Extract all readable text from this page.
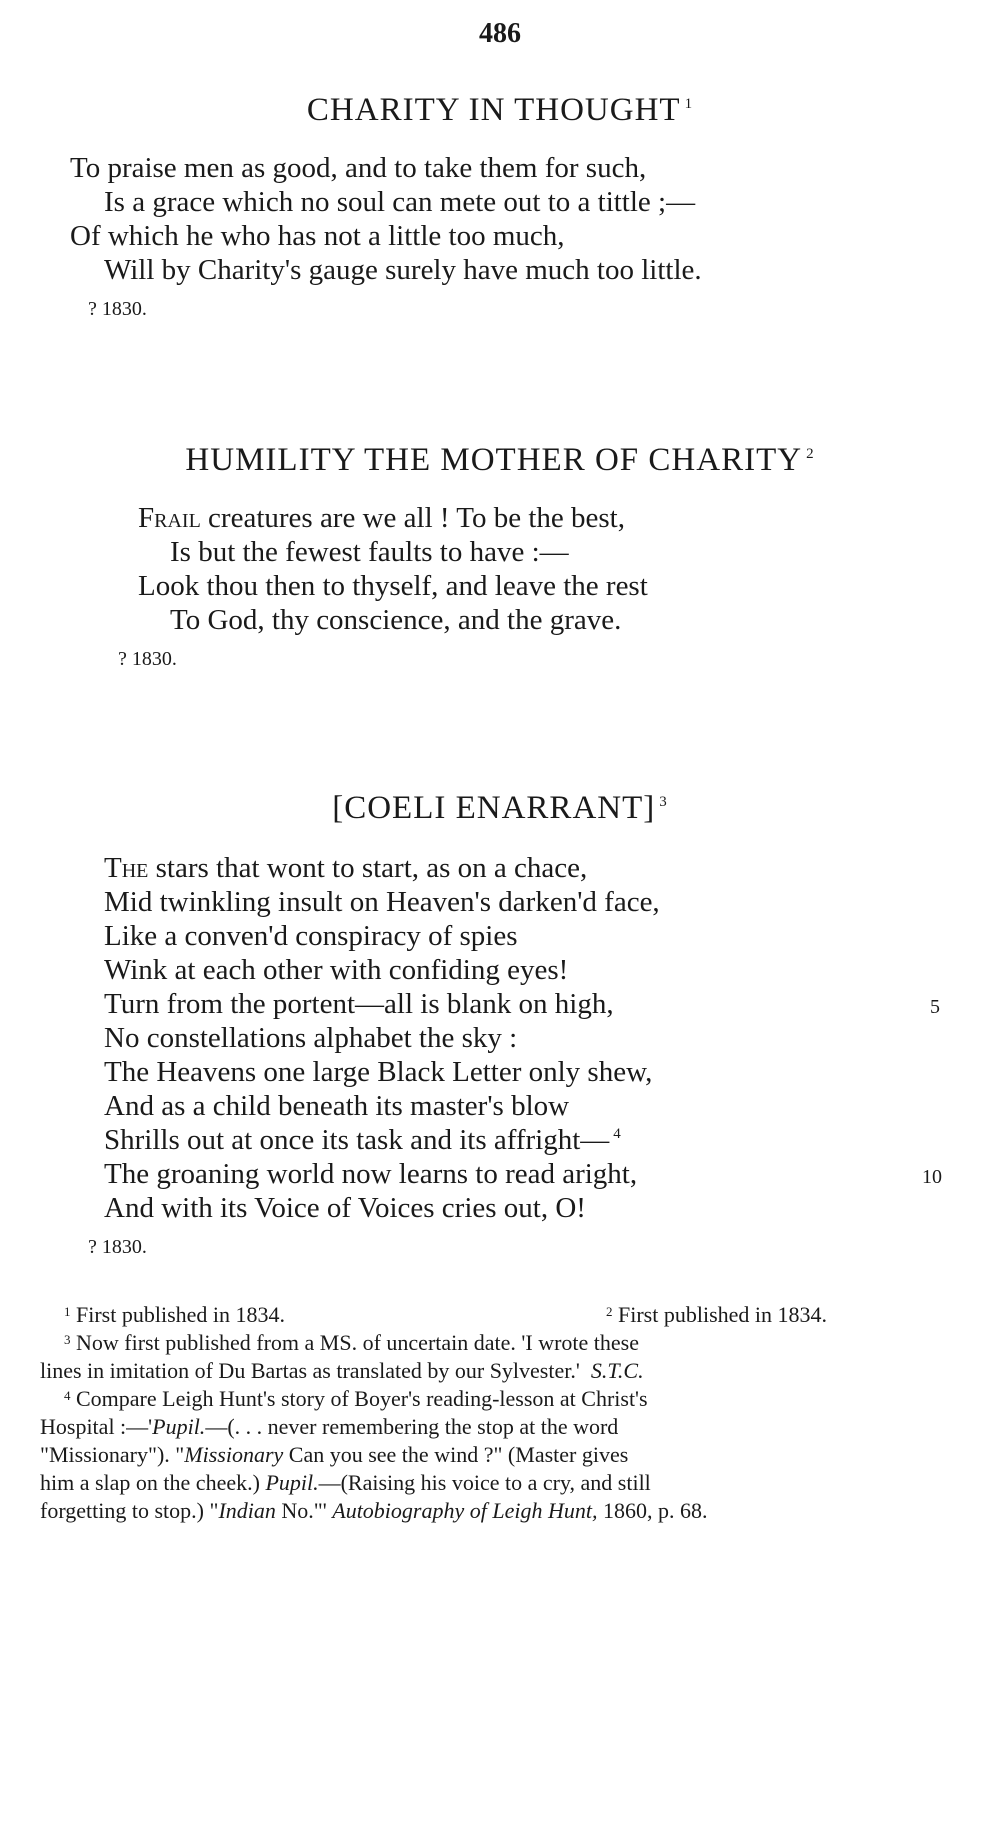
486
CHARITY IN THOUGHT $^1$
To praise men as good, and to take them for such,
Is a grace which no soul can mete out to a tittle ;—
Of which he who has not a little too much,
Will by Charity's gauge surely have much too little.
? 1830.
HUMILITY THE MOTHER OF CHARITY $^2$
Frail creatures are we all ! To be the best,
Is but the fewest faults to have :—
Look thou then to thyself, and leave the rest
To God, thy conscience, and the grave.
? 1830.
[COELI ENARRANT] $^3$
The stars that wont to start, as on a chace,
Mid twinkling insult on Heaven's darken'd face,
Like a conven'd conspiracy of spies
Wink at each other with confiding eyes!
Turn from the portent—all is blank on high,	5
No constellations alphabet the sky :
The Heavens one large Black Letter only shew,
And as a child beneath its master's blow
Shrills out at once its task and its affright— $^4$
The groaning world now learns to read aright,	10
And with its Voice of Voices cries out, O!
? 1830.
$^1$ First published in 1834.	$^2$ First published in 1834.
$^3$ Now first published from a MS. of uncertain date. 'I wrote these
lines in imitation of Du Bartas as translated by our Sylvester.' S.T.C.
$^4$ Compare Leigh Hunt's story of Boyer's reading-lesson at Christ's
Hospital :—'Pupil.—(. . . never remembering the stop at the word
"Missionary"). "Missionary Can you see the wind ?" (Master gives
him a slap on the cheek.) Pupil.—(Raising his voice to a cry, and still
forgetting to stop.) "Indian No."' Autobiography of Leigh Hunt, 1860, p. 68.
